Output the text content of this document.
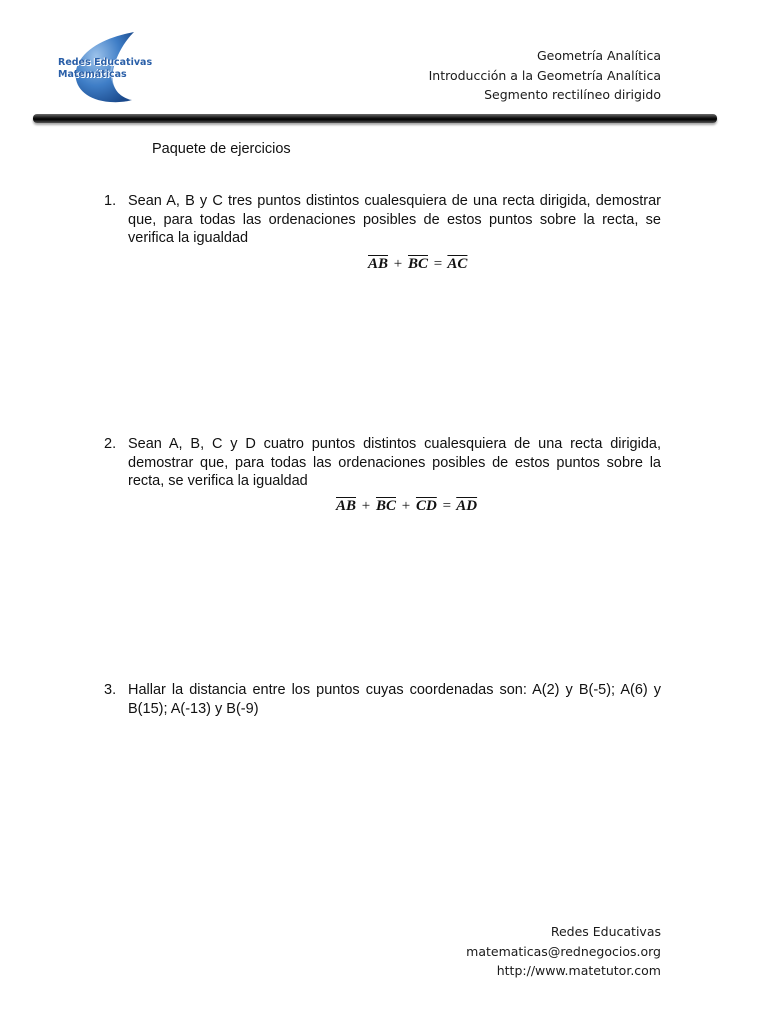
Redes Educativas
Matemáticas
Geometría Analítica
Introducción a la Geometría Analítica
Segmento rectilíneo dirigido
Paquete de ejercicios
1. Sean A, B y C tres puntos distintos cualesquiera de una recta dirigida, demostrar que, para todas las ordenaciones posibles de estos puntos sobre la recta, se verifica la igualdad
$\overline{AB} + \overline{BC} = \overline{AC}$
2. Sean A, B, C y D cuatro puntos distintos cualesquiera de una recta dirigida, demostrar que, para todas las ordenaciones posibles de estos puntos sobre la recta, se verifica la igualdad
$\overline{AB} + \overline{BC} + \overline{CD} = \overline{AD}$
3. Hallar la distancia entre los puntos cuyas coordenadas son: A(2) y B(-5); A(6) y B(15); A(-13) y B(-9)
Redes Educativas
matematicas@rednegocios.org
http://www.matetutor.com
